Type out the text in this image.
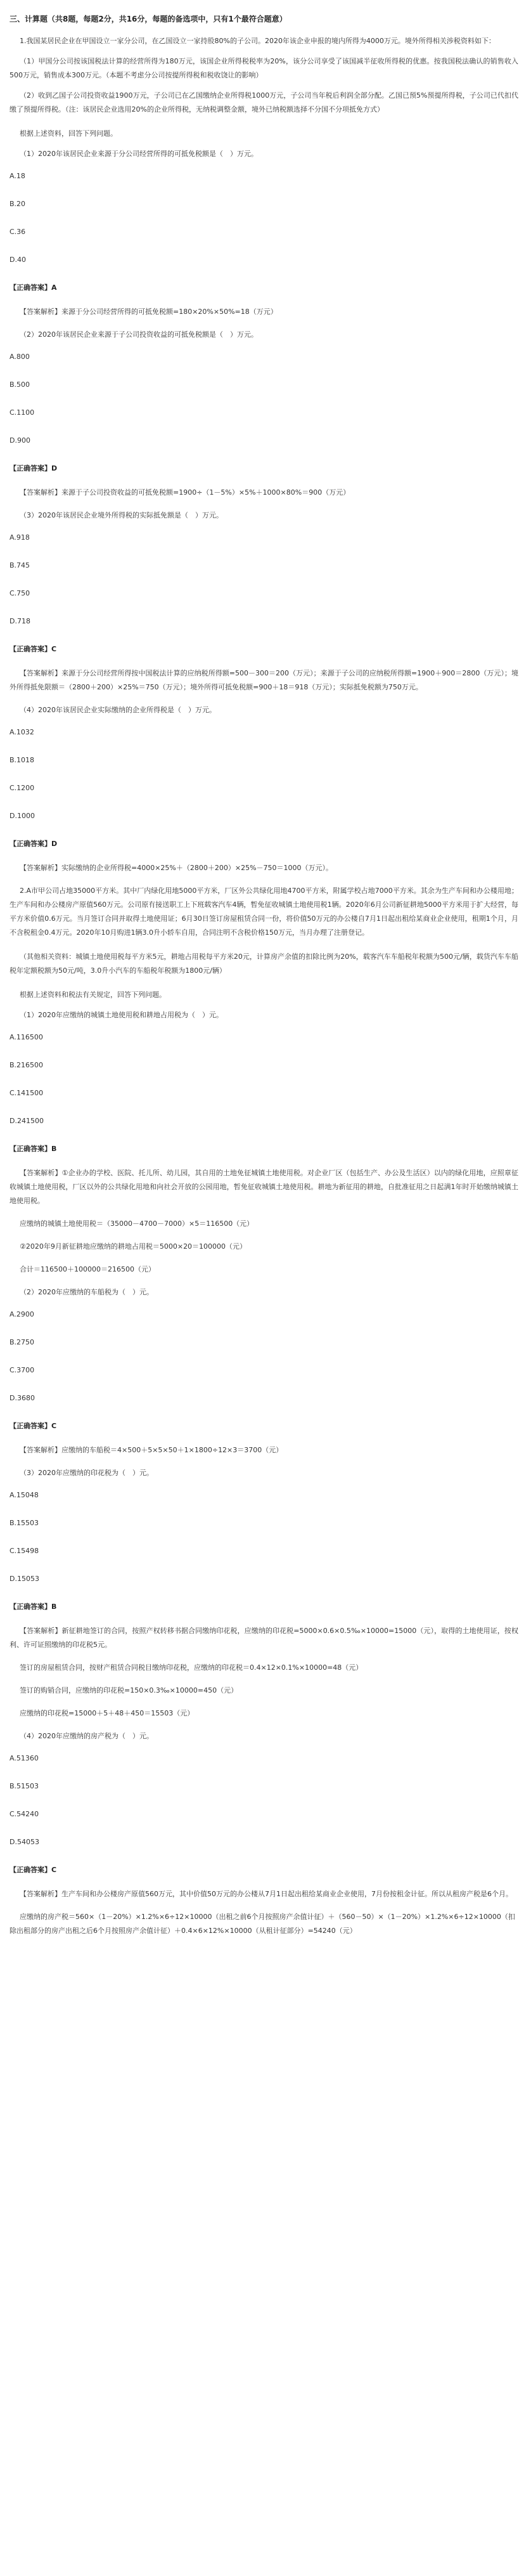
三、计算题（共8题，每题2分，共16分，每题的备选项中，只有1个最符合题意）
1.我国某居民企业在甲国设立一家分公司，在乙国设立一家持股80%的子公司。2020年该企业申报的境内所得为4000万元。境外所得相关涉税资料如下：
（1）甲国分公司按该国税法计算的经营所得为180万元，该国企业所得税税率为20%，该分公司享受了该国减半征收所得税的优惠。按我国税法确认的销售收入500万元，销售成本300万元。（本题不考虑分公司按提所得税和税收饶让的影响）
（2）收到乙国子公司投资收益1900万元，子公司已在乙国缴纳企业所得税1000万元，子公司当年税后利润全部分配。乙国已预5%预提所得税，子公司已代扣代缴了预提所得税。（注：该居民企业选用20%的企业所得税，无纳税调整金额，境外已纳税额选择不分国不分项抵免方式）
根据上述资料，回答下列问题。
（1）2020年该居民企业来源于分公司经营所得的可抵免税额是（　）万元。
A.18
B.20
C.36
D.40
【正确答案】A
【答案解析】来源于分公司经营所得的可抵免税额=180×20%×50%=18（万元）
（2）2020年该居民企业来源于子公司投资收益的可抵免税额是（　）万元。
A.800
B.500
C.1100
D.900
【正确答案】D
【答案解析】来源于子公司投资收益的可抵免税额=1900÷（1－5%）×5%＋1000×80%＝900（万元）
（3）2020年该居民企业境外所得税的实际抵免额是（　）万元。
A.918
B.745
C.750
D.718
【正确答案】C
【答案解析】来源于分公司经营所得按中国税法计算的应纳税所得额=500－300＝200（万元）；来源于子公司的应纳税所得额=1900＋900＝2800（万元）；境外所得抵免限额＝（2800＋200）×25%＝750（万元）；境外所得可抵免税额=900＋18＝918（万元）；实际抵免税额为750万元。
（4）2020年该居民企业实际缴纳的企业所得税是（　）万元。
A.1032
B.1018
C.1200
D.1000
【正确答案】D
【答案解析】实际缴纳的企业所得税=4000×25%＋（2800＋200）×25%－750＝1000（万元）。
2.A市甲公司占地35000平方米。其中厂内绿化用地5000平方米，厂区外公共绿化用地4700平方米，附属学校占地7000平方米。其余为生产车间和办公楼用地；生产车间和办公楼房产原值560万元。公司原有接送职工上下班载客汽车4辆，暂免征收城镇土地使用税1辆。2020年6月公司新征耕地5000平方米用于扩大经营，每平方米价值0.6万元。当月签订合同并取得土地使用证；6月30日签订房屋租赁合同一份，将价值50万元的办公楼自7月1日起出租给某商业企业使用，租期1个月，月不含税租金0.4万元。2020年10月购进1辆3.0升小轿车自用，合同注明不含税价格150万元，当月办理了注册登记。
（其他相关资料：城镇土地使用税每平方米5元，耕地占用税每平方米20元，计算房产余值的扣除比例为20%，载客汽车车船税年税额为500元/辆，载货汽车车船税年定额税额为50元/吨，3.0升小汽车的车船税年税额为1800元/辆）
根据上述资料和税法有关规定，回答下列问题。
（1）2020年应缴纳的城镇土地使用税和耕地占用税为（　）元。
A.116500
B.216500
C.141500
D.241500
【正确答案】B
【答案解析】①企业办的学校、医院、托儿所、幼儿园，其自用的土地免征城镇土地使用税。对企业厂区（包括生产、办公及生活区）以内的绿化用地，应照章征收城镇土地使用税，厂区以外的公共绿化用地和向社会开放的公园用地，暂免征收城镇土地使用税。耕地为新征用的耕地，自批准征用之日起满1年时开始缴纳城镇土地使用税。
应缴纳的城镇土地使用税＝（35000－4700－7000）×5＝116500（元）
②2020年9月新征耕地应缴纳的耕地占用税＝5000×20＝100000（元）
合计＝116500＋100000＝216500（元）
（2）2020年应缴纳的车船税为（　）元。
A.2900
B.2750
C.3700
D.3680
【正确答案】C
【答案解析】应缴纳的车船税＝4×500＋5×5×50＋1×1800÷12×3＝3700（元）
（3）2020年应缴纳的印花税为（　）元。
A.15048
B.15503
C.15498
D.15053
【正确答案】B
【答案解析】新征耕地签订的合同，按照产权转移书据合同缴纳印花税，应缴纳的印花税=5000×0.6×0.5‰×10000=15000（元），取得的土地使用证，按权利、许可证照缴纳的印花税5元。
签订的房屋租赁合同，按财产租赁合同税目缴纳印花税，应缴纳的印花税＝0.4×12×0.1%×10000=48（元）
签订的购销合同，应缴纳的印花税=150×0.3‰×10000=450（元）
应缴纳的印花税=15000＋5＋48＋450＝15503（元）
（4）2020年应缴纳的房产税为（　）元。
A.51360
B.51503
C.54240
D.54053
【正确答案】C
【答案解析】生产车间和办公楼房产原值560万元，其中价值50万元的办公楼从7月1日起出租给某商业企业使用，7月份按租金计征。所以从租房产税是6个月。
应缴纳的房产税＝560×（1－20%）×1.2%×6÷12×10000（出租之前6个月按照房产余值计征）＋（560－50）×（1－20%）×1.2%×6÷12×10000（扣除出租部分的房产出租之后6个月按照房产余值计征）＋0.4×6×12%×10000（从租计征部分）=54240（元）
